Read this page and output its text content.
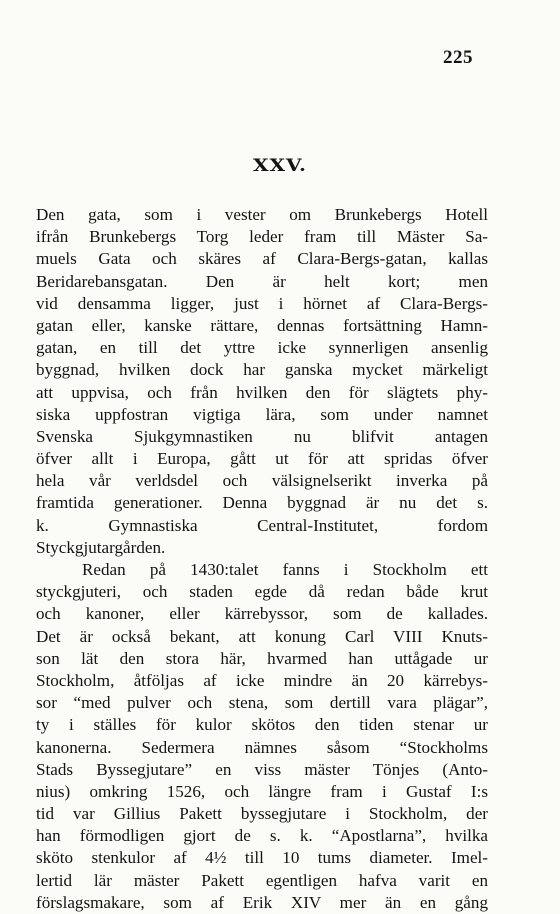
225
XXV.
Den gata, som i vester om Brunkebergs Hotell
ifrån Brunkebergs Torg leder fram till Mäster Sa-
muels Gata och skäres af Clara-Bergs-gatan, kallas
Beridarebansgatan. Den är helt kort; men
vid densamma ligger, just i hörnet af Clara-Bergs-
gatan eller, kanske rättare, dennas fortsättning Hamn-
gatan, en till det yttre icke synnerligen ansenlig
byggnad, hvilken dock har ganska mycket märkeligt
att uppvisa, och från hvilken den för slägtets phy-
siska uppfostran vigtiga lära, som under namnet
Svenska Sjukgymnastiken nu blifvit antagen
öfver allt i Europa, gått ut för att spridas öfver
hela vår verldsdel och välsignelserikt inverka på
framtida generationer. Denna byggnad är nu det s.
k. Gymnastiska Central-Institutet, fordom
Styckgjutargården.
Redan på 1430:talet fanns i Stockholm ett
styckgjuteri, och staden egde då redan både krut
och kanoner, eller kärrebyssor, som de kallades.
Det är också bekant, att konung Carl VIII Knuts-
son lät den stora här, hvarmed han uttågade ur
Stockholm, åtföljas af icke mindre än 20 kärrebys-
sor “med pulver och stena, som dertill vara plägar”,
ty i ställes för kulor skötos den tiden stenar ur
kanonerna. Sedermera nämnes såsom “Stockholms
Stads Byssegjutare” en viss mäster Tönjes (Anto-
nius) omkring 1526, och längre fram i Gustaf I:s
tid var Gillius Pakett byssegjutare i Stockholm, der
han förmodligen gjort de s. k. “Apostlarna”, hvilka
sköto stenkulor af 4½ till 10 tums diameter. Imel-
lertid lär mäster Pakett egentligen hafva varit en
förslagsmakare, som af Erik XIV mer än en gång
